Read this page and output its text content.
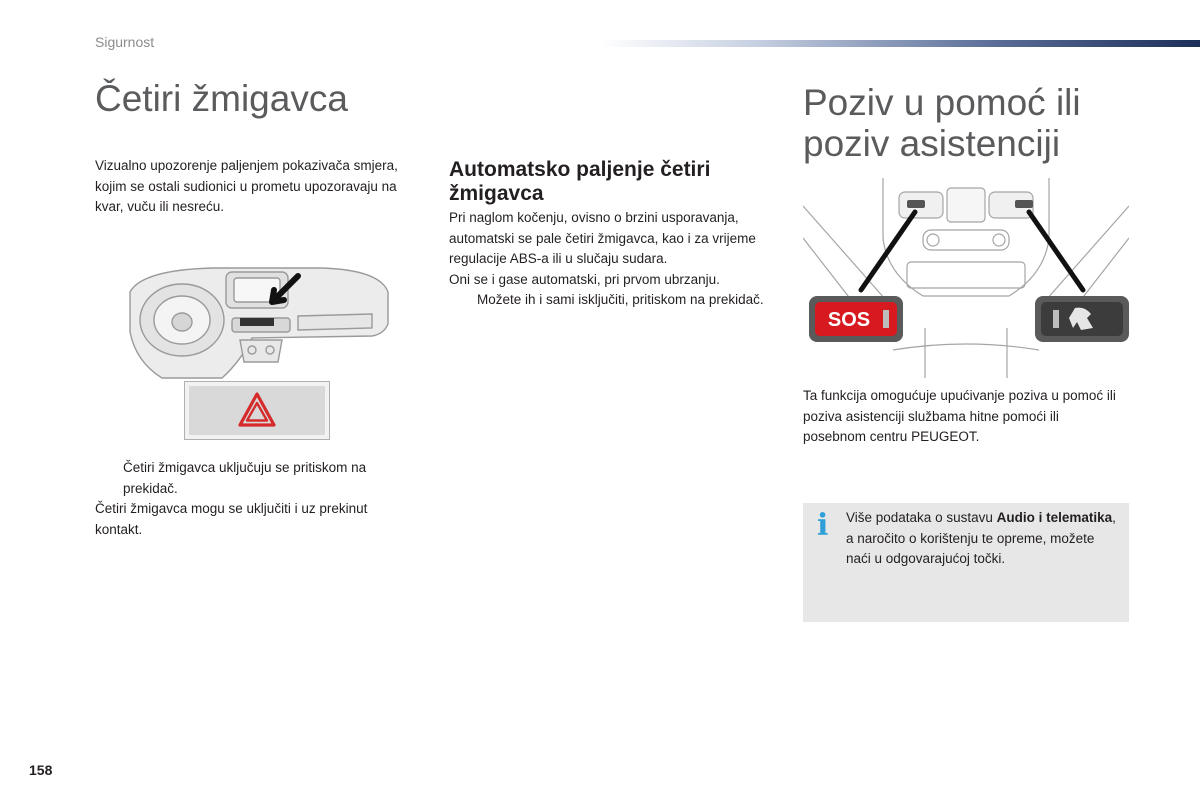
Sigurnost
Četiri žmigavca

Vizualno upozorenje paljenjem pokazivača smjera, kojim se ostali sudionici u prometu upozoravaju na kvar, vuču ili nesreću.

Četiri žmigavca uključuju se pritiskom na prekidač.
Četiri žmigavca mogu se uključiti i uz prekinut kontakt.
Automatsko paljenje četiri žmigavca
Pri naglom kočenju, ovisno o brzini usporavanja, automatski se pale četiri žmigavca, kao i za vrijeme regulacije ABS-a ili u slučaju sudara.
Oni se i gase automatski, pri prvom ubrzanju.
Možete ih i sami isključiti, pritiskom na prekidač.
Poziv u pomoć ili poziv asistenciji
SOS

Ta funkcija omogućuje upućivanje poziva u pomoć ili poziva asistenciji službama hitne pomoći ili posebnom centru PEUGEOT.

i Više podataka o sustavu Audio i telematika, a naročito o korištenju te opreme, možete naći u odgovarajućoj točki.

158
